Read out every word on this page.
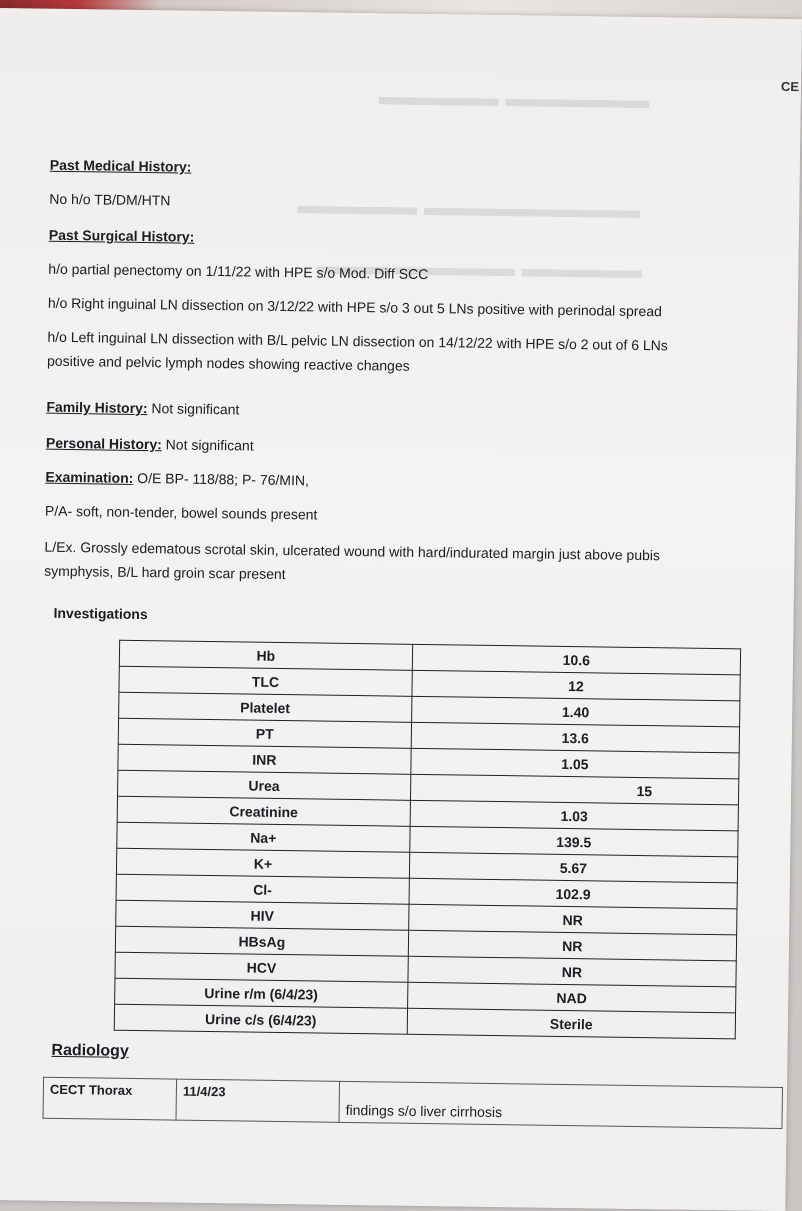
▬▬▬▬▬ ▬▬▬▬▬▬
▬▬▬▬▬ ▬▬▬▬▬▬▬▬▬
▬▬▬ ▬▬▬▬▬ ▬▬▬▬▬
CE
Past Medical History:
No h/o TB/DM/HTN
Past Surgical History:
h/o partial penectomy on 1/11/22 with HPE s/o Mod. Diff SCC
h/o Right inguinal LN dissection on 3/12/22 with HPE s/o 3 out 5 LNs positive with perinodal spread
h/o Left inguinal LN dissection with B/L pelvic LN dissection on 14/12/22 with HPE s/o 2 out of 6 LNs
positive and pelvic lymph nodes showing reactive changes
Family History: Not significant
Personal History: Not significant
Examination: O/E BP- 118/88; P- 76/MIN,
P/A- soft, non-tender, bowel sounds present
L/Ex. Grossly edematous scrotal skin, ulcerated wound with hard/indurated margin just above pubis
symphysis, B/L hard groin scar present
Investigations
Hb	10.6
TLC	12
Platelet	1.40
PT	13.6
INR	1.05
Urea	15
Creatinine	1.03
Na+	139.5
K+	5.67
Cl-	102.9
HIV	NR
HBsAg	NR
HCV	NR
Urine r/m (6/4/23)	NAD
Urine c/s (6/4/23)	Sterile
Radiology
CECT Thorax	11/4/23	findings s/o liver cirrhosis
